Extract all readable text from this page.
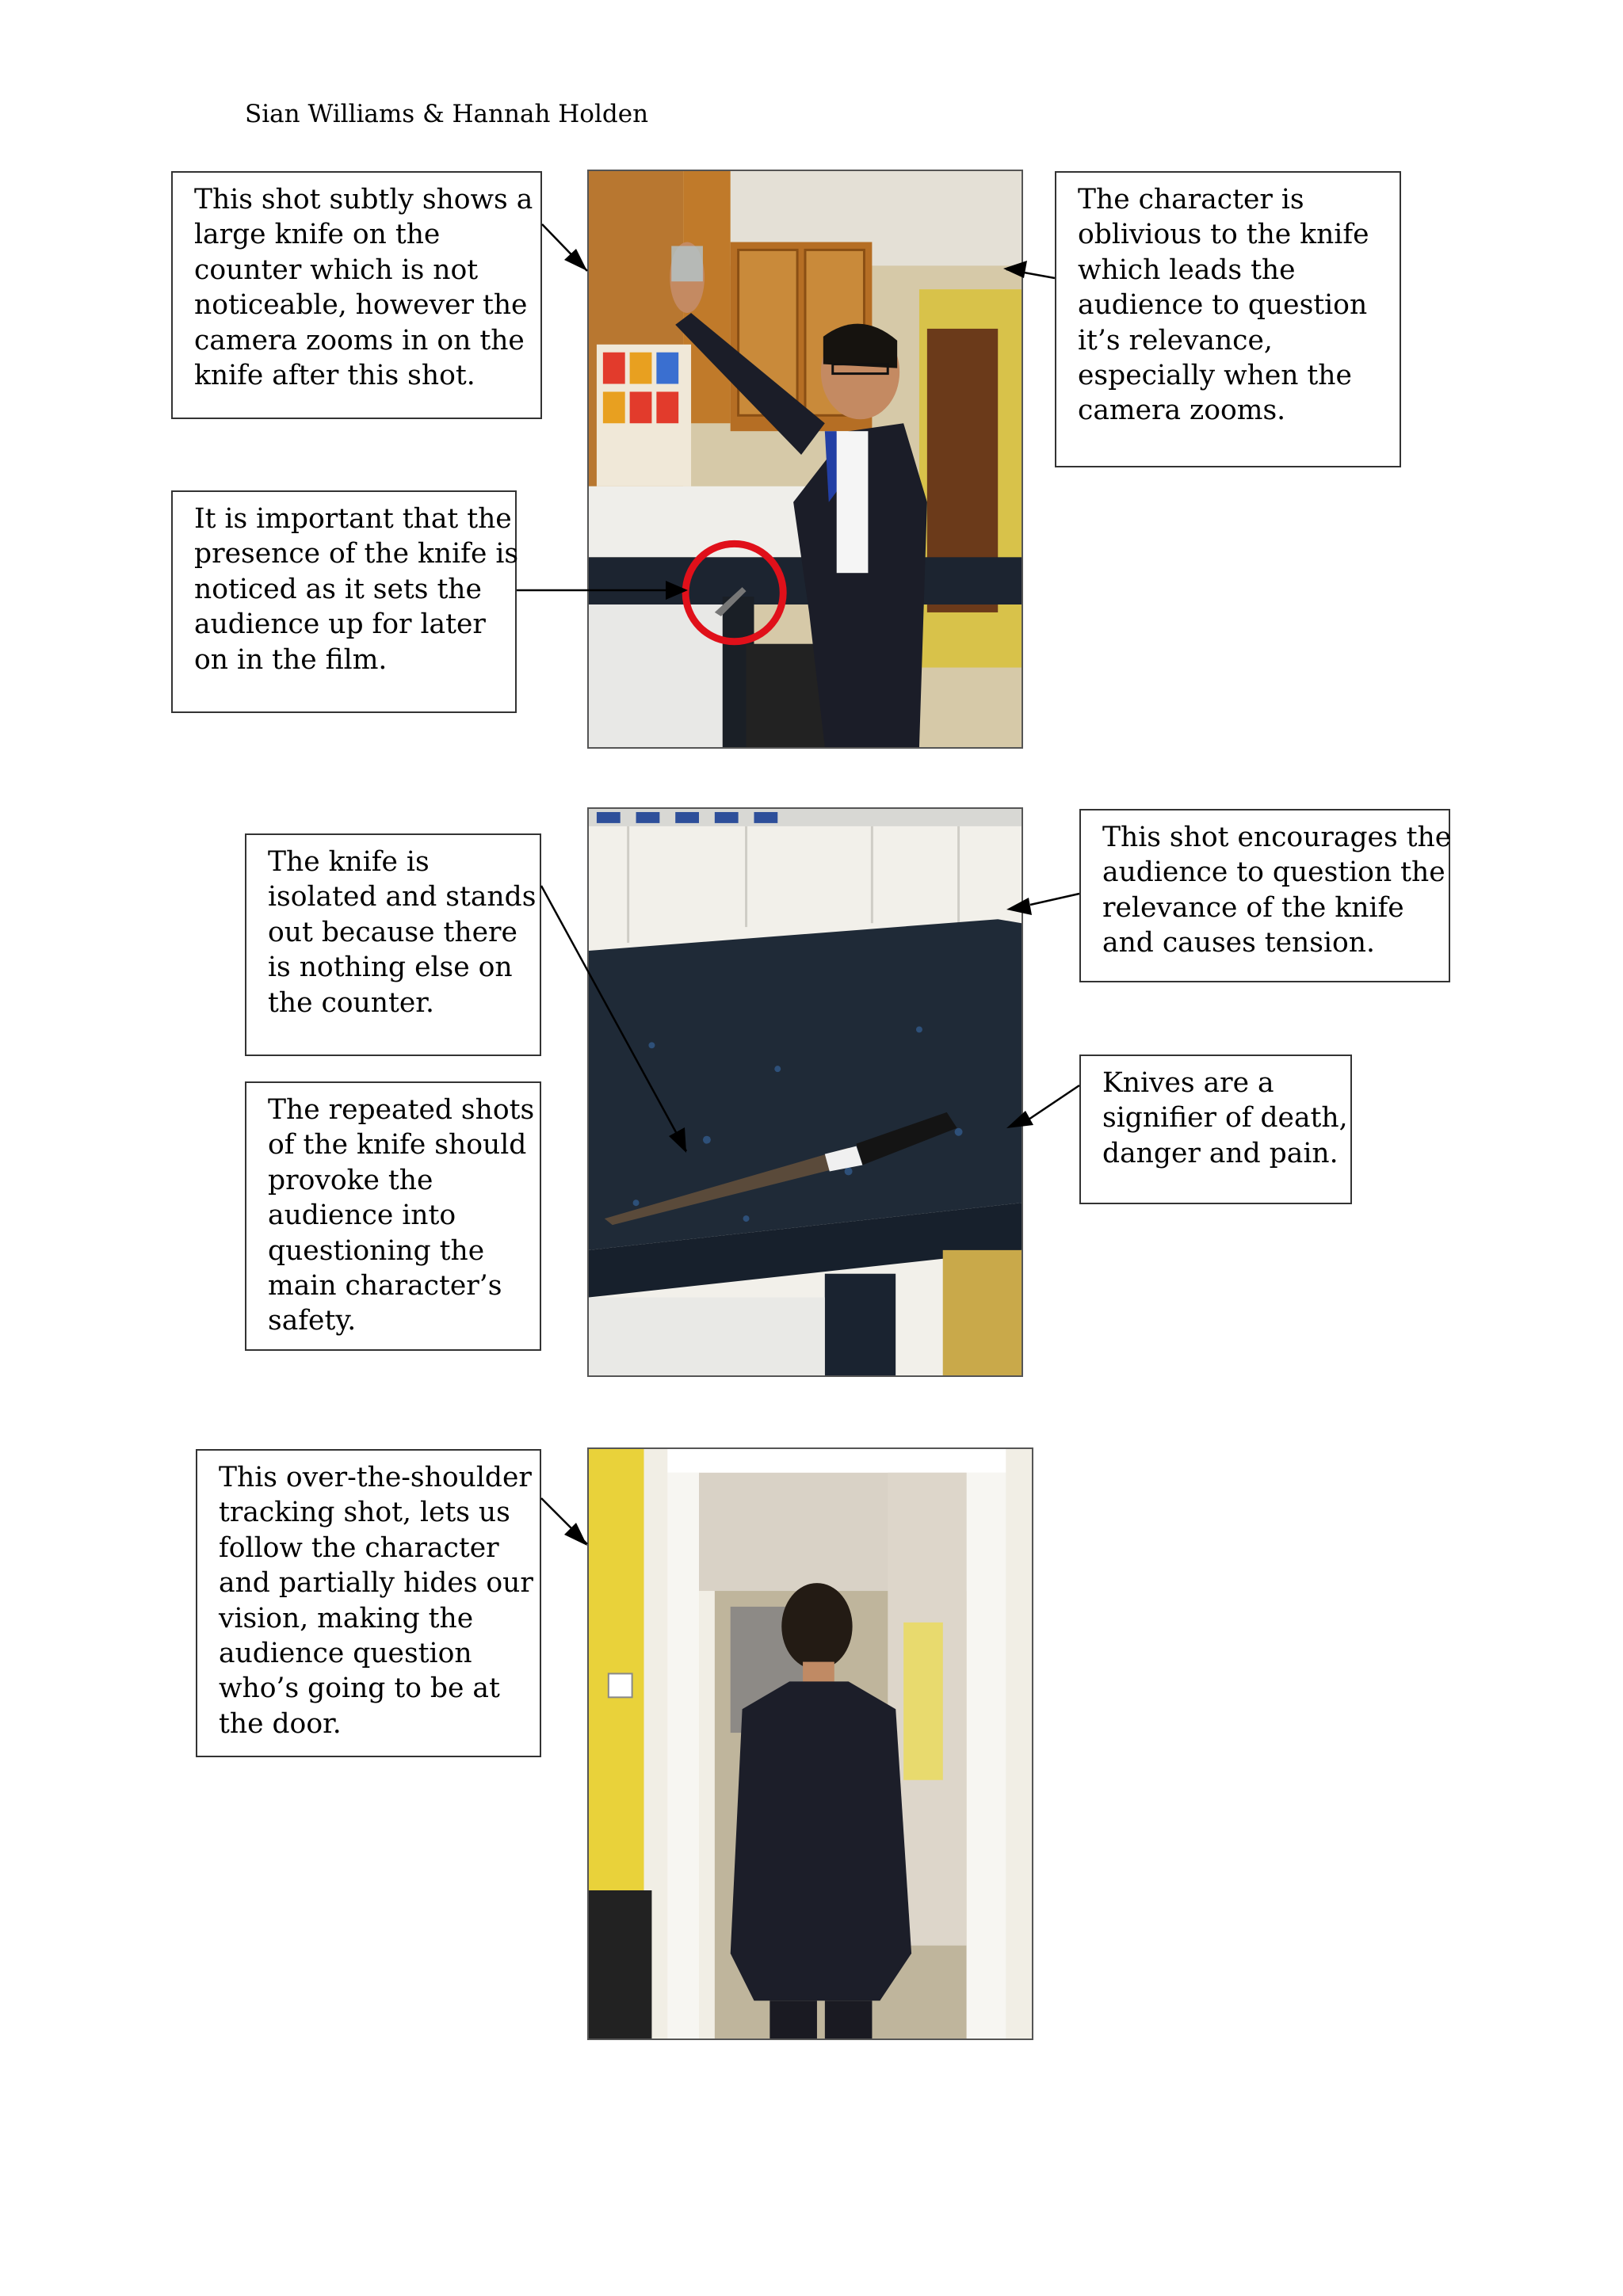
Sian Williams & Hannah Holden
This shot subtly shows a
large knife on the
counter which is not
noticeable, however the
camera zooms in on the
knife after this shot.
The character is
oblivious to the knife
which leads the
audience to question
it’s relevance,
especially when the
camera zooms.
It is important that the
presence of the knife is
noticed as it sets the
audience up for later
on in the film.
The knife is
isolated and stands
out because there
is nothing else on
the counter.
This shot encourages the
audience to question the
relevance of the knife
and causes tension.
Knives are a
signifier of death,
danger and pain.
The repeated shots
of the knife should
provoke the
audience into
questioning the
main character’s
safety.
This over-the-shoulder
tracking shot, lets us
follow the character
and partially hides our
vision, making the
audience question
who’s going to be at
the door.
